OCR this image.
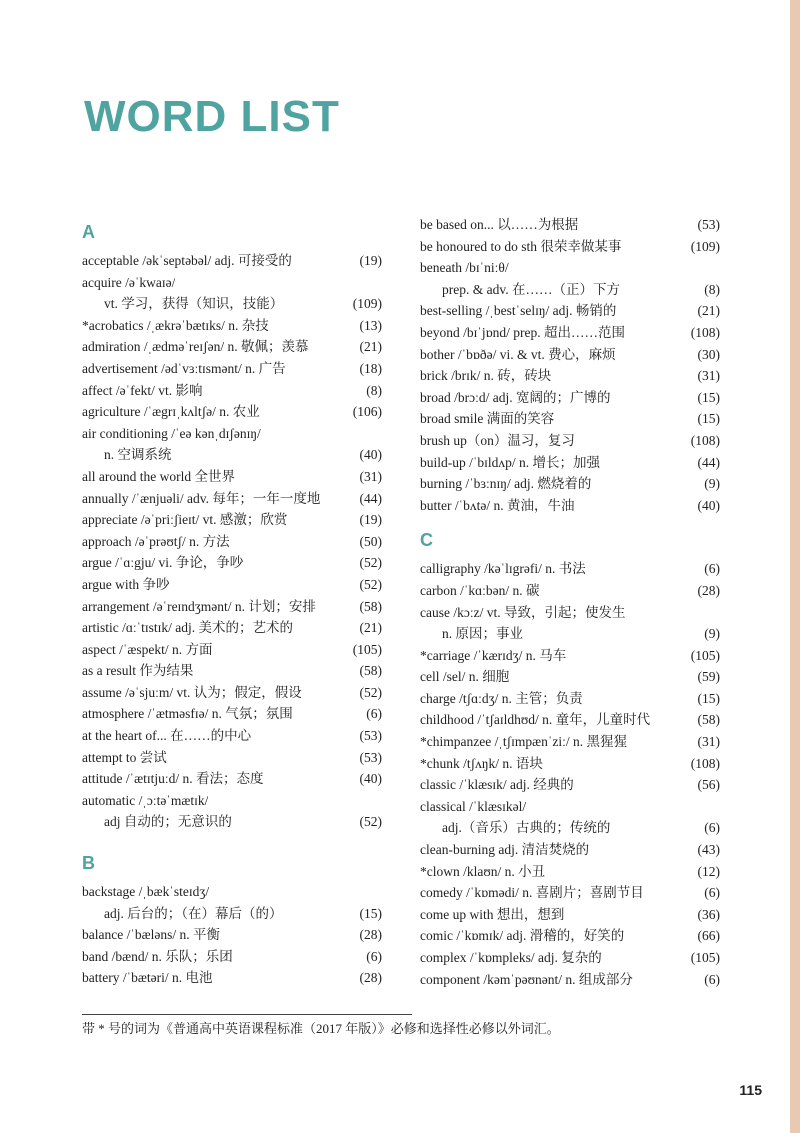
WORD LIST
A
acceptable /əkˈseptəbəl/ adj. 可接受的	(19)
acquire /əˈkwaɪə/
vt. 学习，获得（知识，技能）	(109)
*acrobatics /ˌækrəˈbætɪks/ n. 杂技	(13)
admiration /ˌædməˈreɪʃən/ n. 敬佩；羡慕	(21)
advertisement /ədˈvɜːtɪsmənt/ n. 广告	(18)
affect /əˈfekt/ vt. 影响	(8)
agriculture /ˈægrɪˌkʌltʃə/ n. 农业	(106)
air conditioning /ˈeə kənˌdɪʃənɪŋ/
n. 空调系统	(40)
all around the world 全世界	(31)
annually /ˈænjuəli/ adv. 每年；一年一度地	(44)
appreciate /əˈpriːʃieɪt/ vt. 感激；欣赏	(19)
approach /əˈprəʊtʃ/ n. 方法	(50)
argue /ˈɑːgju/ vi. 争论，争吵	(52)
argue with 争吵	(52)
arrangement /əˈreɪndʒmənt/ n. 计划；安排	(58)
artistic /ɑːˈtɪstɪk/ adj. 美术的；艺术的	(21)
aspect /ˈæspekt/ n. 方面	(105)
as a result 作为结果	(58)
assume /əˈsjuːm/ vt. 认为；假定，假设	(52)
atmosphere /ˈætməsfɪə/ n. 气氛；氛围	(6)
at the heart of... 在……的中心	(53)
attempt to 尝试	(53)
attitude /ˈætɪtjuːd/ n. 看法；态度	(40)
automatic /ˌɔːtəˈmætɪk/
adj 自动的；无意识的	(52)
B
backstage /ˌbækˈsteɪdʒ/
adj. 后台的；（在）幕后（的）	(15)
balance /ˈbæləns/ n. 平衡	(28)
band /bænd/ n. 乐队；乐团	(6)
battery /ˈbætəri/ n. 电池	(28)
be based on... 以……为根据	(53)
be honoured to do sth 很荣幸做某事	(109)
beneath /bɪˈniːθ/
prep. & adv. 在……（正）下方	(8)
best-selling /ˌbestˈselɪŋ/ adj. 畅销的	(21)
beyond /bɪˈjɒnd/ prep. 超出……范围	(108)
bother /ˈbɒðə/ vi. & vt. 费心，麻烦	(30)
brick /brɪk/ n. 砖，砖块	(31)
broad /brɔːd/ adj. 宽阔的；广博的	(15)
broad smile 满面的笑容	(15)
brush up（on）温习，复习	(108)
build-up /ˈbɪldʌp/ n. 增长；加强	(44)
burning /ˈbɜːnɪŋ/ adj. 燃烧着的	(9)
butter /ˈbʌtə/ n. 黄油，牛油	(40)
C
calligraphy /kəˈlɪgrəfi/ n. 书法	(6)
carbon /ˈkɑːbən/ n. 碳	(28)
cause /kɔːz/ vt. 导致，引起；使发生
n. 原因；事业	(9)
*carriage /ˈkærɪdʒ/ n. 马车	(105)
cell /sel/ n. 细胞	(59)
charge /tʃɑːdʒ/ n. 主管；负责	(15)
childhood /ˈtʃaɪldhʊd/ n. 童年，儿童时代	(58)
*chimpanzee /ˌtʃɪmpænˈziː/ n. 黑猩猩	(31)
*chunk /tʃʌŋk/ n. 语块	(108)
classic /ˈklæsɪk/ adj. 经典的	(56)
classical /ˈklæsɪkəl/
adj.（音乐）古典的；传统的	(6)
clean-burning adj. 清洁焚烧的	(43)
*clown /klaʊn/ n. 小丑	(12)
comedy /ˈkɒmədi/ n. 喜剧片；喜剧节目	(6)
come up with 想出，想到	(36)
comic /ˈkɒmɪk/ adj. 滑稽的，好笑的	(66)
complex /ˈkɒmpleks/ adj. 复杂的	(105)
component /kəmˈpəʊnənt/ n. 组成部分	(6)

带 * 号的词为《普通高中英语课程标准（2017 年版）》必修和选择性必修以外词汇。

115
